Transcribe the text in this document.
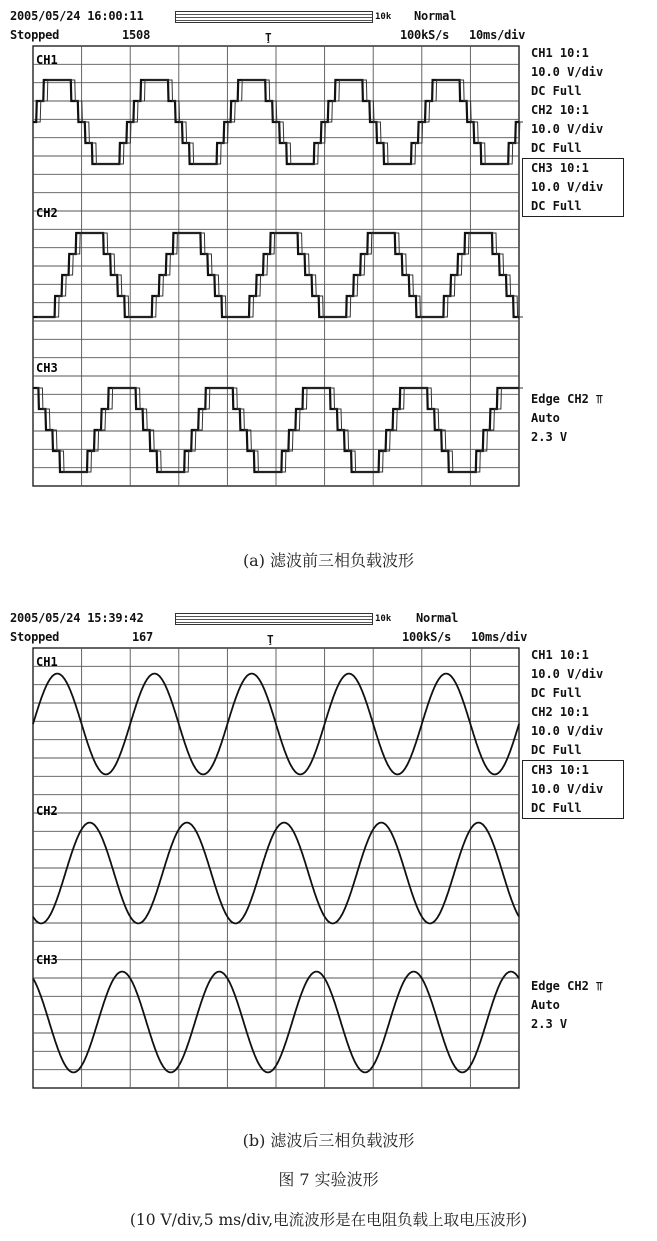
2005/05/24 16:00:11
Stopped	1508
10k Normal
100kS/s 10ms/div
Ţ
CH1
CH2
CH3
CH1 10:1
10.0 V/div
DC Full
CH2 10:1
10.0 V/div
DC Full
CH3 10:1
10.0 V/div
DC Full
Edge CH2 ⫪
Auto
2.3 V
(a) 滤波前三相负载波形
2005/05/24 15:39:42
Stopped	167
10k Normal
100kS/s 10ms/div
Ţ
CH1
CH2
CH3
CH1 10:1
10.0 V/div
DC Full
CH2 10:1
10.0 V/div
DC Full
CH3 10:1
10.0 V/div
DC Full
Edge CH2 ⫪
Auto
2.3 V
(b) 滤波后三相负载波形
图 7 实验波形
(10 V/div,5 ms/div,电流波形是在电阻负载上取电压波形)
